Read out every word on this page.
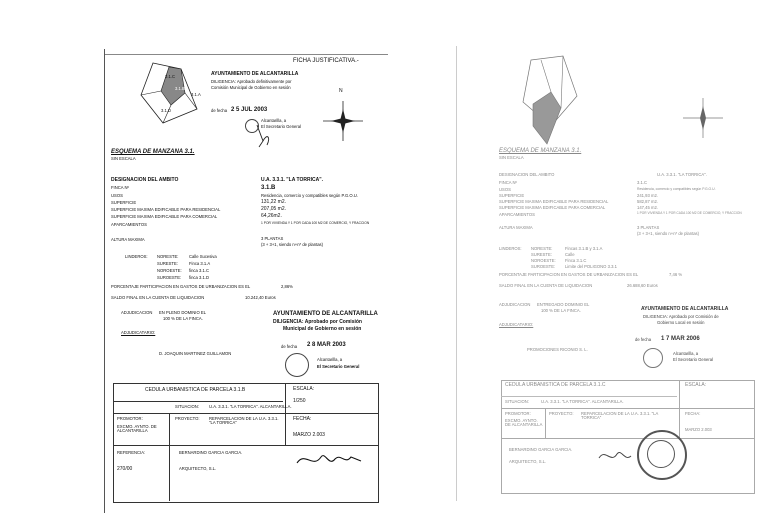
FICHA JUSTIFICATIVA.-
3.1.C
3.1.B
3.1.A
3.1.D
AYUNTAMIENTO DE ALCANTARILLA
DILIGENCIA: Aprobado definitivamente por
Comisión Municipal de Gobierno en sesión
de fecha 2 5 JUL 2003
Alcantarilla, a
El Secretario General
N
ESQUEMA DE MANZANA 3.1.
SIN ESCALA
DESIGNACION DEL AMBITO	U.A. 3.3.1. "LA TORRICA".
FINCA Nº	3.1.B
USOS	Residencia, comercio y compatibles según P.G.O.U.
SUPERFICIE	131,22 m2.
SUPERFICIE MAXIMA EDIFICABLE PARA RESIDENCIAL	207,05 m2.
SUPERFICIE MAXIMA EDIFICABLE PARA COMERCIAL	64,26m2.
APARCAMIENTOS	1 POR VIVIENDA Y 1 POR CADA 100 M2 DE COMERCIO, Y FRACCION
ALTURA MAXIMA	3 PLANTAS
(3 + 3+1, siendo n+n* de plantas)
LINDEROS: NORESTE:	Calle Sucesiva
SURESTE:	Finca 3.1.A
NOROESTE: finca 3.1.C
SUROESTE: finca 3.1.D
PORCENTAJE PARTICIPACION EN GASTOS DE URBANIZACION ES EL	2,86%
SALDO FINAL EN LA CUENTA DE LIQUIDACION	10.242,40 Euros
ADJUDICACION EN PLENO DOMINIO EL
100 % DE LA FINCA.
ADJUDICATARIO:
D. JOAQUIN MARTINEZ GUILLAMON
AYUNTAMIENTO DE ALCANTARILLA
DILIGENCIA: Aprobado por Comisión
Municipal de Gobierno en sesión
de fecha 2 8 MAR 2003
Alcantarilla, a
El Secretario General
CEDULA URBANISTICA DE PARCELA 3.1.B	ESCALA:
1/250
SITUACION: U.A. 3.3.1. "LA TORRICA". ALCANTARILLA.
PROMOTOR:
EXCMO. AYNTO. DE ALCANTARILLA
PROYECTO: REPARCELACION DE LA U.A. 3.3.1. "LA TORRICA"
FECHA:
MARZO 2.003
REFERENCIA:
270/00
BERNARDINO GARCIA GARCIA.
ARQUITECTO, S.L.
ESQUEMA DE MANZANA 3.1.
SIN ESCALA
DESIGNACION DEL AMBITO	U.A. 3.3.1. "LA TORRICA".
FINCA Nº	3.1.C
USOS	Residencia, comercio y compatibles según P.G.O.U.
SUPERFICIE	241,93 m2.
SUPERFICIE MAXIMA EDIFICABLE PARA RESIDENCIAL	582,87 m2.
SUPERFICIE MAXIMA EDIFICABLE PARA COMERCIAL	147,45 m2.
APARCAMIENTOS	1 POR VIVIENDA Y 1 POR CADA 100 M2 DE COMERCIO, Y FRACCION
ALTURA MAXIMA	3 PLANTAS
(3 + 3+1, siendo n+n* de plantas)
LINDEROS: NORESTE:	Fincas 3.1.B y 3.1.A
SURESTE:	Calle
NOROESTE: Finca 3.1.C
SUROESTE: Limite del POLIGONO 3.3.1
PORCENTAJE PARTICIPACION EN GASTOS DE URBANIZACION ES EL	7,46 %
SALDO FINAL EN LA CUENTA DE LIQUIDACION	26.688,60 Euros
ADJUDICACION ENTREGADO DOMINIO EL
100 % DE LA FINCA.
ADJUDICATARIO:
PROMOCIONES RICONIO S. L.
AYUNTAMIENTO DE ALCANTARILLA
DILIGENCIA: Aprobado por Comisión de
Gobierno Local en sesión
de fecha 1 7 MAR 2006
Alcantarilla, a
El Secretario General
CEDULA URBANISTICA DE PARCELA 3.1.C	ESCALA:
SITUACION:	U.A. 3.3.1. "LA TORRICA". ALCANTARILLA.
PROMOTOR:
EXCMO. AYNTO. DE ALCANTARILLA
PROYECTO: REPARCELACION DE LA U.A. 3.3.1. "LA TORRICA"
FECHA:
MARZO 2.003
BERNARDINO GARCIA GARCIA.
ARQUITECTO, S.L.
